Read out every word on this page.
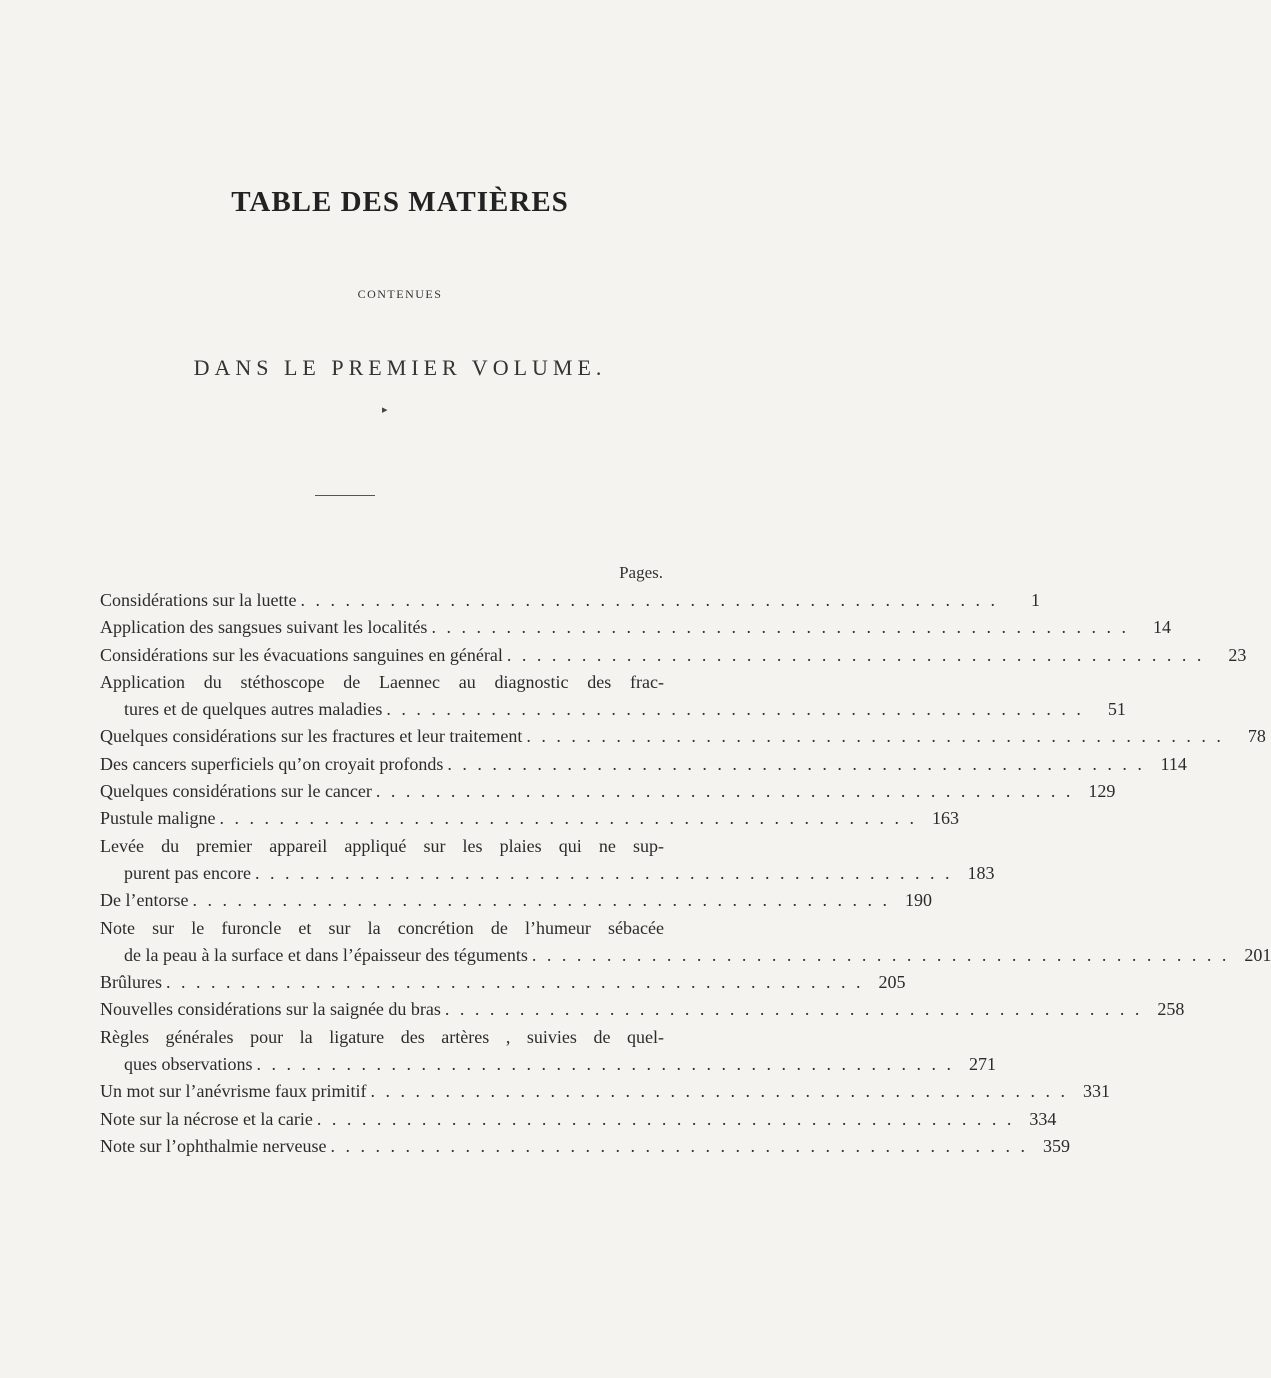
TABLE DES MATIÈRES
CONTENUES
DANS LE PREMIER VOLUME.
▸
Pages.
Considérations sur la luette . . . . . . . . . . . . . . . . . . . . . . . . . . . . . . . . . . . . . . . . . . . . . . .	1
Application des sangsues suivant les localités . . . . . . . . . . . . . . . . . . . . . . . . . . . . . . . . . . . . . . . . . . . . . . .	14
Considérations sur les évacuations sanguines en général . . . . . . . . . . . . . . . . . . . . . . . . . . . . . . . . . . . . . . . . . . . . . . .	23
Application du stéthoscope de Laennec au diagnostic des frac-
tures et de quelques autres maladies . . . . . . . . . . . . . . . . . . . . . . . . . . . . . . . . . . . . . . . . . . . . . . .	51
Quelques considérations sur les fractures et leur traitement . . . . . . . . . . . . . . . . . . . . . . . . . . . . . . . . . . . . . . . . . . . . . . .	78
Des cancers superficiels qu’on croyait profonds . . . . . . . . . . . . . . . . . . . . . . . . . . . . . . . . . . . . . . . . . . . . . . . 114
Quelques considérations sur le cancer . . . . . . . . . . . . . . . . . . . . . . . . . . . . . . . . . . . . . . . . . . . . . . . 129
Pustule maligne . . . . . . . . . . . . . . . . . . . . . . . . . . . . . . . . . . . . . . . . . . . . . . . 163
Levée du premier appareil appliqué sur les plaies qui ne sup-
purent pas encore . . . . . . . . . . . . . . . . . . . . . . . . . . . . . . . . . . . . . . . . . . . . . . . 183
De l’entorse . . . . . . . . . . . . . . . . . . . . . . . . . . . . . . . . . . . . . . . . . . . . . . . 190
Note sur le furoncle et sur la concrétion de l’humeur sébacée
de la peau à la surface et dans l’épaisseur des téguments . . . . . . . . . . . . . . . . . . . . . . . . . . . . . . . . . . . . . . . . . . . . . . . 201
Brûlures . . . . . . . . . . . . . . . . . . . . . . . . . . . . . . . . . . . . . . . . . . . . . . . 205
Nouvelles considérations sur la saignée du bras . . . . . . . . . . . . . . . . . . . . . . . . . . . . . . . . . . . . . . . . . . . . . . . 258
Règles générales pour la ligature des artères , suivies de quel-
ques observations . . . . . . . . . . . . . . . . . . . . . . . . . . . . . . . . . . . . . . . . . . . . . . . 271
Un mot sur l’anévrisme faux primitif . . . . . . . . . . . . . . . . . . . . . . . . . . . . . . . . . . . . . . . . . . . . . . . 331
Note sur la nécrose et la carie . . . . . . . . . . . . . . . . . . . . . . . . . . . . . . . . . . . . . . . . . . . . . . . 334
Note sur l’ophthalmie nerveuse . . . . . . . . . . . . . . . . . . . . . . . . . . . . . . . . . . . . . . . . . . . . . . . 359
